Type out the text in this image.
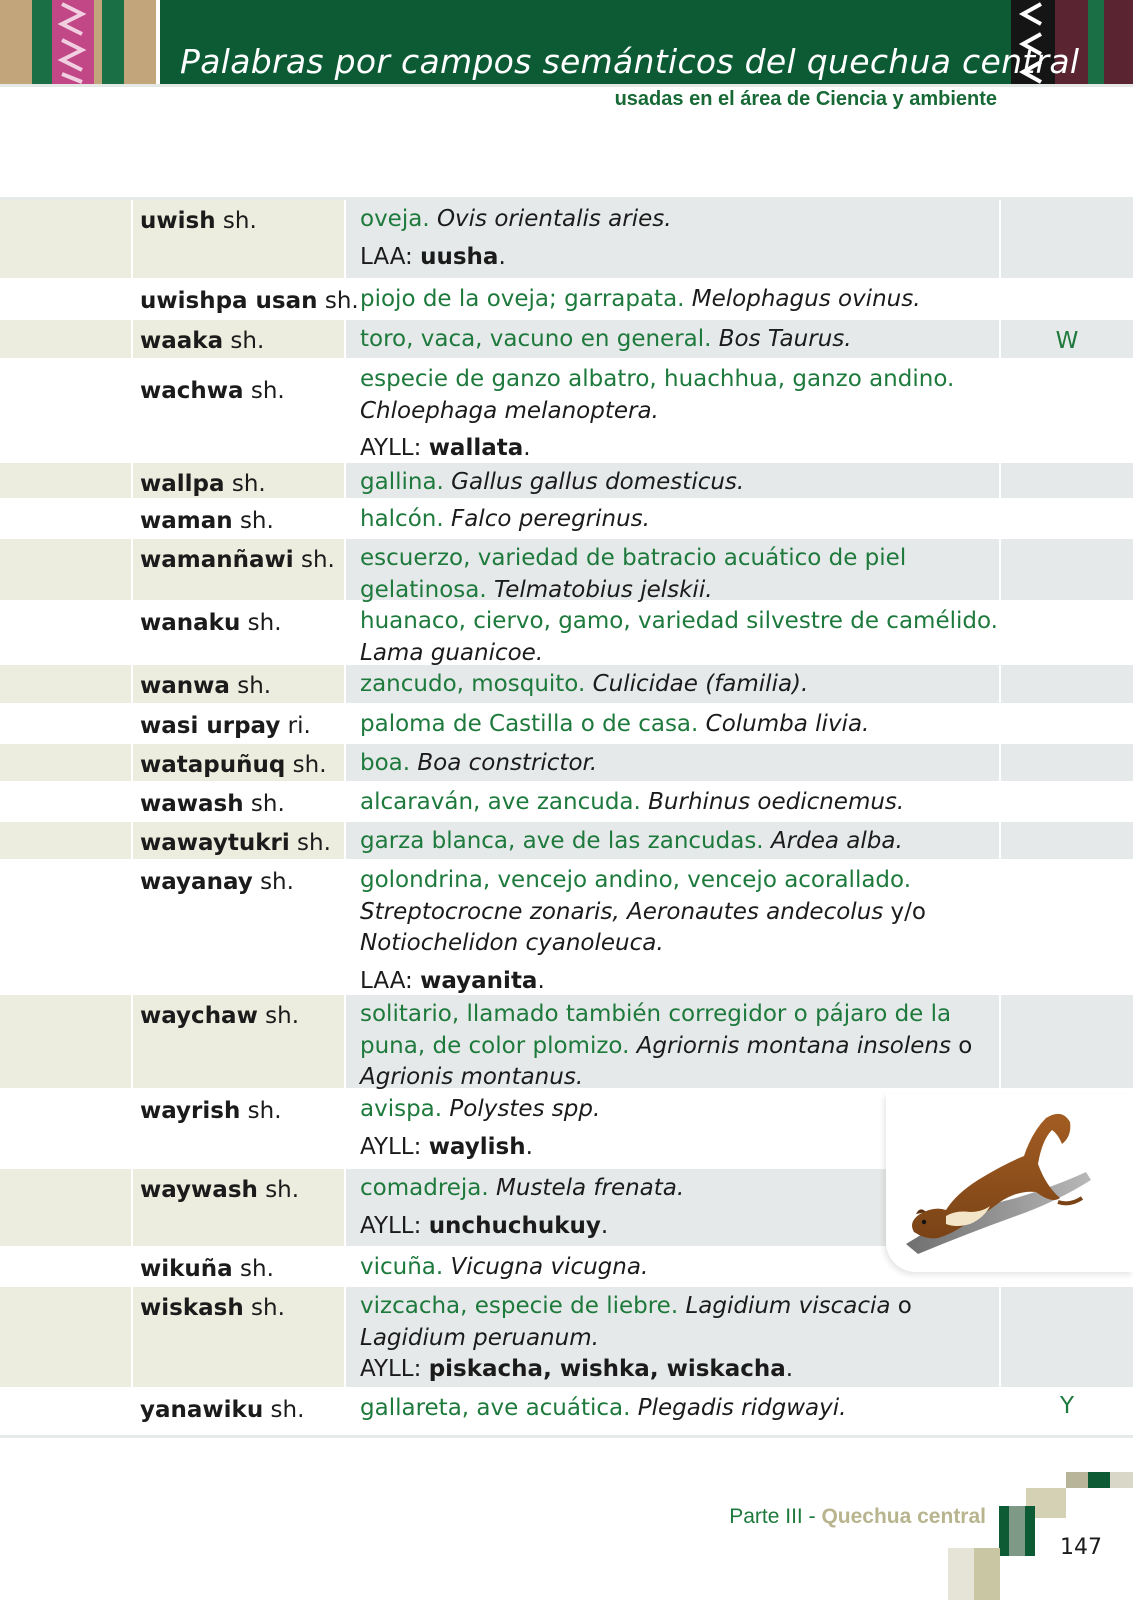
Palabras por campos semánticos del quechua central
usadas en el área de Ciencia y ambiente
uwish sh.	oveja. Ovis orientalis aries.
LAA: uusha.
uwishpa usan sh. piojo de la oveja; garrapata. Melophagus ovinus.
waaka sh.	toro, vaca, vacuno en general. Bos Taurus.	W
wachwa sh.	especie de ganzo albatro, huachhua, ganzo andino. Chloephaga melanoptera.
AYLL: wallata.
wallpa sh.	gallina. Gallus gallus domesticus.
waman sh.	halcón. Falco peregrinus.
wamanñawi sh.	escuerzo, variedad de batracio acuático de piel gelatinosa. Telmatobius jelskii.
wanaku sh.	huanaco, ciervo, gamo, variedad silvestre de camélido. Lama guanicoe.
wanwa sh.	zancudo, mosquito. Culicidae (familia).
wasi urpay ri.	paloma de Castilla o de casa. Columba livia.
watapuñuq sh.	boa. Boa constrictor.
wawash sh.	alcaraván, ave zancuda. Burhinus oedicnemus.
wawaytukri sh.	garza blanca, ave de las zancudas. Ardea alba.
wayanay sh.	golondrina, vencejo andino, vencejo acorallado. Streptocrocne zonaris, Aeronautes andecolus y/o Notiochelidon cyanoleuca.
LAA: wayanita.
waychaw sh.	solitario, llamado también corregidor o pájaro de la puna, de color plomizo. Agriornis montana insolens o Agrionis montanus.
wayrish sh.	avispa. Polystes spp.
AYLL: waylish.
waywash sh.	comadreja. Mustela frenata.
AYLL: unchuchukuy.
wikuña sh.	vicuña. Vicugna vicugna.
wiskash sh.	vizcacha, especie de liebre. Lagidium viscacia o Lagidium peruanum.
AYLL: piskacha, wishka, wiskacha.
yanawiku sh.	gallareta, ave acuática. Plegadis ridgwayi.	Y
Parte III - Quechua central
147
